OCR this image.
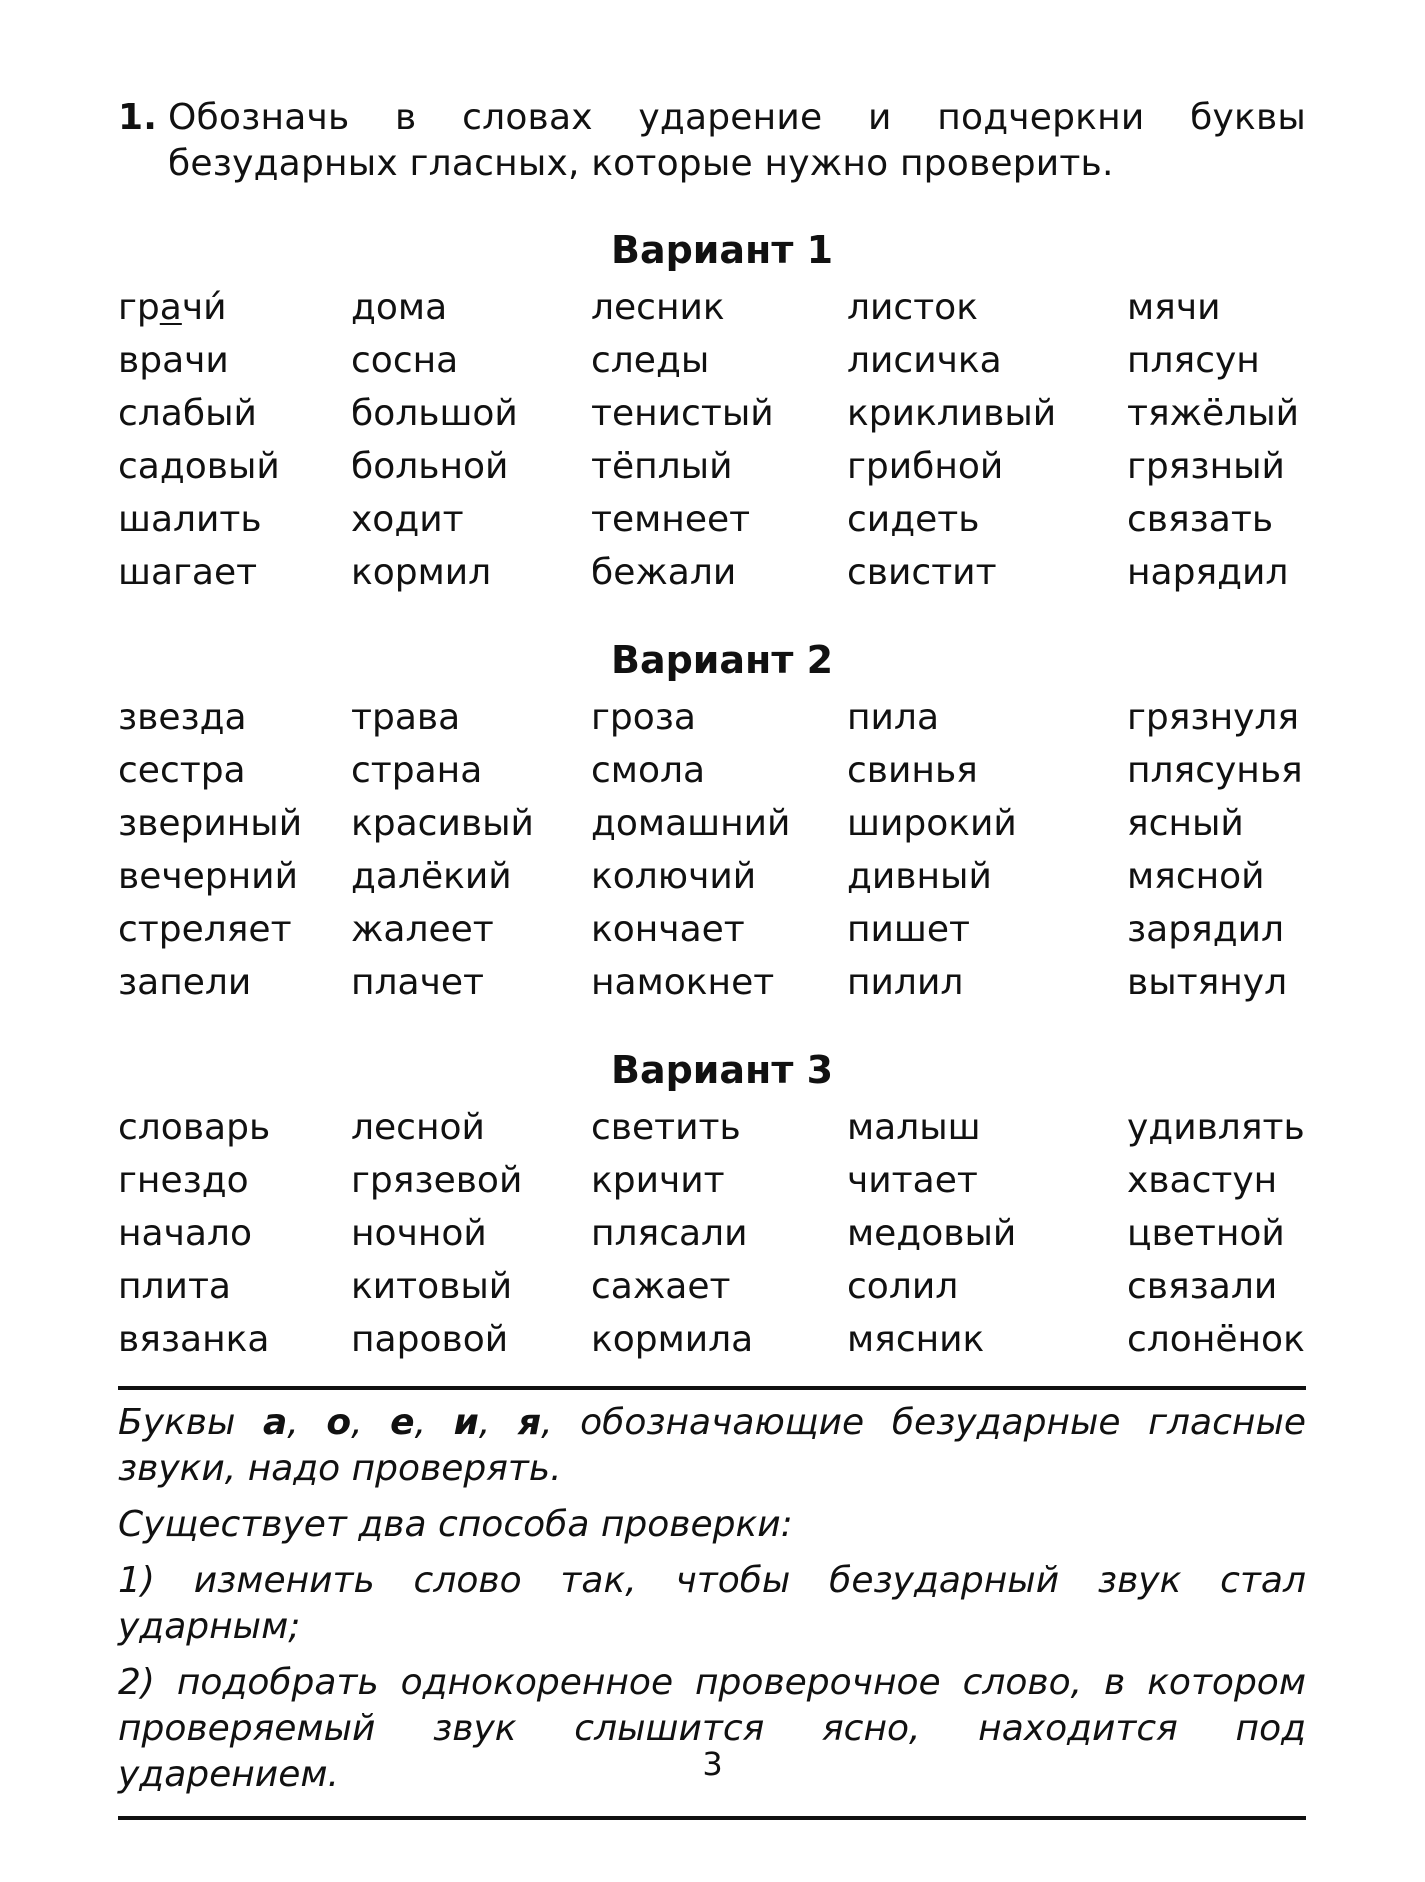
1. Обозначь в словах ударение и подчеркни буквы безударных гласных, которые нужно проверить.
Вариант 1
грачи́	дома	лесник	листок	мячи
врачи	сосна	следы	лисичка	плясун
слабый	большой	тенистый	крикливый	тяжёлый
садовый	больной	тёплый	грибной	грязный
шалить	ходит	темнеет	сидеть	связать
шагает	кормил	бежали	свистит	нарядил
Вариант 2
звезда	трава	гроза	пила	грязнуля
сестра	страна	смола	свинья	плясунья
звериный	красивый	домашний	широкий	ясный
вечерний	далёкий	колючий	дивный	мясной
стреляет	жалеет	кончает	пишет	зарядил
запели	плачет	намокнет	пилил	вытянул
Вариант 3
словарь	лесной	светить	малыш	удивлять
гнездо	грязевой	кричит	читает	хвастун
начало	ночной	плясали	медовый	цветной
плита	китовый	сажает	солил	связали
вязанка	паровой	кормила	мясник	слонёнок

Буквы а, о, е, и, я, обозначающие безударные гласные звуки, надо проверять.

Существует два способа проверки:

1) изменить слово так, чтобы безударный звук стал ударным;

2) подобрать однокоренное проверочное слово, в котором проверяемый звук слышится ясно, находится под ударением.	3
